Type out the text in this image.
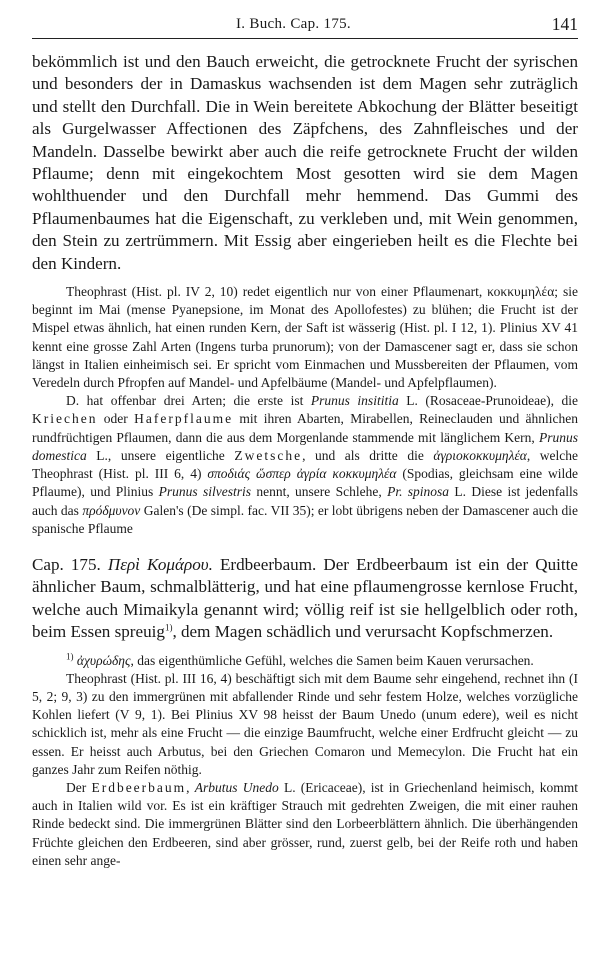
I. Buch. Cap. 175.	141

bekömmlich ist und den Bauch erweicht, die getrocknete Frucht der syrischen und besonders der in Damaskus wachsenden ist dem Magen sehr zuträglich und stellt den Durchfall. Die in Wein bereitete Abkochung der Blätter beseitigt als Gurgelwasser Affectionen des Zäpfchens, des Zahnfleisches und der Mandeln. Dasselbe bewirkt aber auch die reife getrocknete Frucht der wilden Pflaume; denn mit eingekochtem Most gesotten wird sie dem Magen wohlthuender und den Durchfall mehr hemmend. Das Gummi des Pflaumenbaumes hat die Eigenschaft, zu verkleben und, mit Wein genommen, den Stein zu zertrümmern. Mit Essig aber eingerieben heilt es die Flechte bei den Kindern.

Theophrast (Hist. pl. IV 2, 10) redet eigentlich nur von einer Pflaumenart, κοκκυμηλέα; sie beginnt im Mai (mense Pyanepsione, im Monat des Apollofestes) zu blühen; die Frucht ist der Mispel etwas ähnlich, hat einen runden Kern, der Saft ist wässerig (Hist. pl. I 12, 1). Plinius XV 41 kennt eine grosse Zahl Arten (Ingens turba prunorum); von der Damascener sagt er, dass sie schon längst in Italien einheimisch sei. Er spricht vom Einmachen und Mussbereiten der Pflaumen, vom Veredeln durch Pfropfen auf Mandel- und Apfelbäume (Mandel- und Apfelpflaumen).

D. hat offenbar drei Arten; die erste ist Prunus insititia L. (Rosaceae-Prunoideae), die Kriechen oder Haferpflaume mit ihren Abarten, Mirabellen, Reineclauden und ähnlichen rundfrüchtigen Pflaumen, dann die aus dem Morgenlande stammende mit länglichem Kern, Prunus domestica L., unsere eigentliche Zwetsche, und als dritte die ἀγριοκοκκυμηλέα, welche Theophrast (Hist. pl. III 6, 4) σποδιάς ὥσπερ ἀγρία κοκκυμηλέα (Spodias, gleichsam eine wilde Pflaume), und Plinius Prunus silvestris nennt, unsere Schlehe, Pr. spinosa L. Diese ist jedenfalls auch das πρόδμυνον Galen's (De simpl. fac. VII 35); er lobt übrigens neben der Damascener auch die spanische Pflaume

Cap. 175. Περὶ Κομάρου. Erdbeerbaum. Der Erdbeerbaum ist ein der Quitte ähnlicher Baum, schmalblätterig, und hat eine pflaumengrosse kernlose Frucht, welche auch Mimaikyla genannt wird; völlig reif ist sie hellgelblich oder roth, beim Essen spreuig$^{1)}$, dem Magen schädlich und verursacht Kopfschmerzen.

$^{1)}$ ἀχυρώδης, das eigenthümliche Gefühl, welches die Samen beim Kauen verursachen.

Theophrast (Hist. pl. III 16, 4) beschäftigt sich mit dem Baume sehr eingehend, rechnet ihn (I 5, 2; 9, 3) zu den immergrünen mit abfallender Rinde und sehr festem Holze, welches vorzügliche Kohlen liefert (V 9, 1). Bei Plinius XV 98 heisst der Baum Unedo (unum edere), weil es nicht schicklich ist, mehr als eine Frucht — die einzige Baumfrucht, welche einer Erdfrucht gleicht — zu essen. Er heisst auch Arbutus, bei den Griechen Comaron und Memecylon. Die Frucht hat ein ganzes Jahr zum Reifen nöthig.

Der Erdbeerbaum, Arbutus Unedo L. (Ericaceae), ist in Griechenland heimisch, kommt auch in Italien wild vor. Es ist ein kräftiger Strauch mit gedrehten Zweigen, die mit einer rauhen Rinde bedeckt sind. Die immergrünen Blätter sind den Lorbeerblättern ähnlich. Die überhängenden Früchte gleichen den Erdbeeren, sind aber grösser, rund, zuerst gelb, bei der Reife roth und haben einen sehr ange-
